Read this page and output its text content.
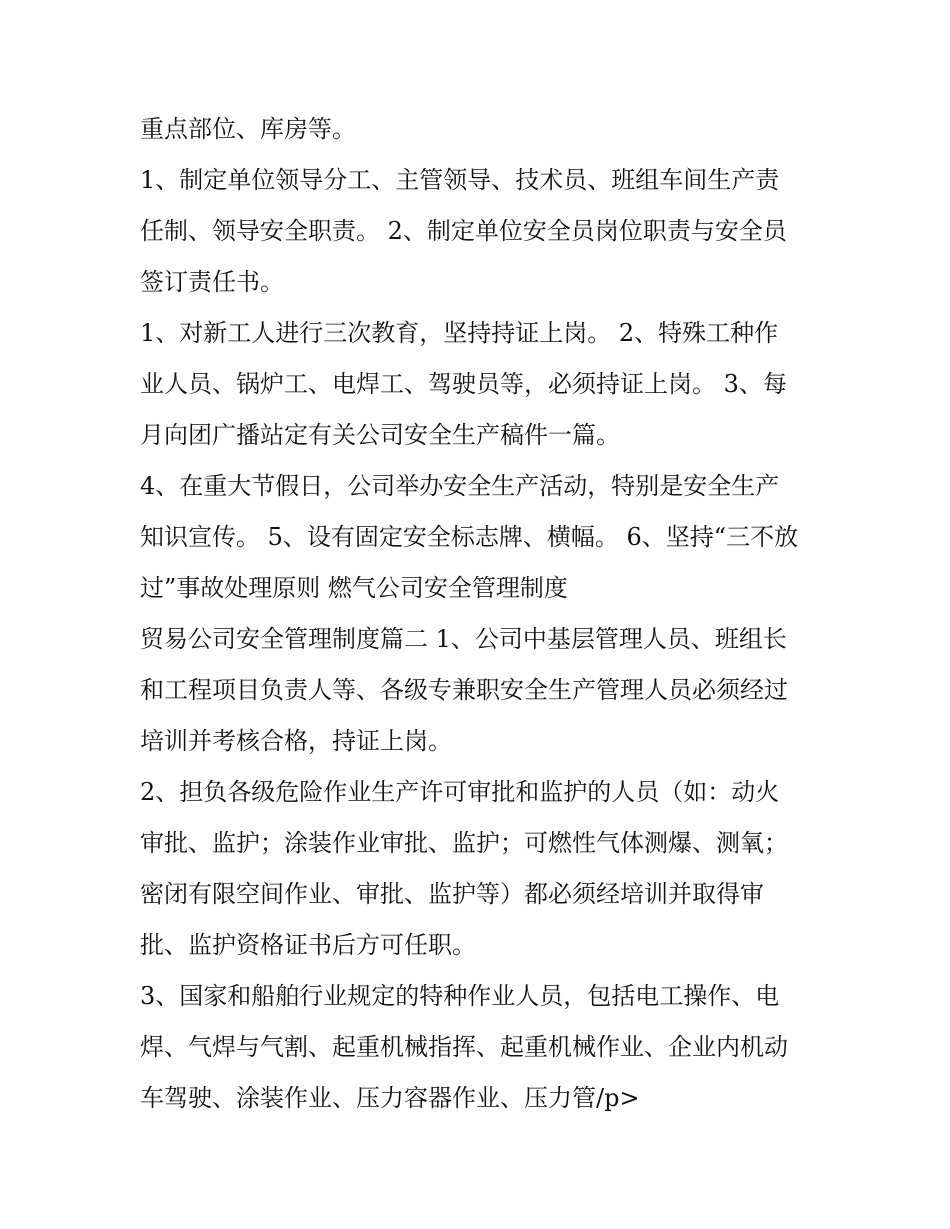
重点部位、库房等。

1、制定单位领导分工、主管领导、技术员、班组车间生产责

任制、领导安全职责。 2、制定单位安全员岗位职责与安全员

签订责任书。

1、对新工人进行三次教育，坚持持证上岗。 2、特殊工种作

业人员、锅炉工、电焊工、驾驶员等，必须持证上岗。 3、每

月向团广播站定有关公司安全生产稿件一篇。

4、在重大节假日，公司举办安全生产活动，特别是安全生产

知识宣传。 5、设有固定安全标志牌、横幅。 6、坚持“三不放

过”事故处理原则 燃气公司安全管理制度

贸易公司安全管理制度篇二 1、公司中基层管理人员、班组长

和工程项目负责人等、各级专兼职安全生产管理人员必须经过

培训并考核合格，持证上岗。

2、担负各级危险作业生产许可审批和监护的人员（如：动火

审批、监护；涂装作业审批、监护；可燃性气体测爆、测氧；

密闭有限空间作业、审批、监护等）都必须经培训并取得审

批、监护资格证书后方可任职。

3、国家和船舶行业规定的特种作业人员，包括电工操作、电

焊、气焊与气割、起重机械指挥、起重机械作业、企业内机动

车驾驶、涂装作业、压力容器作业、压力管/p>
